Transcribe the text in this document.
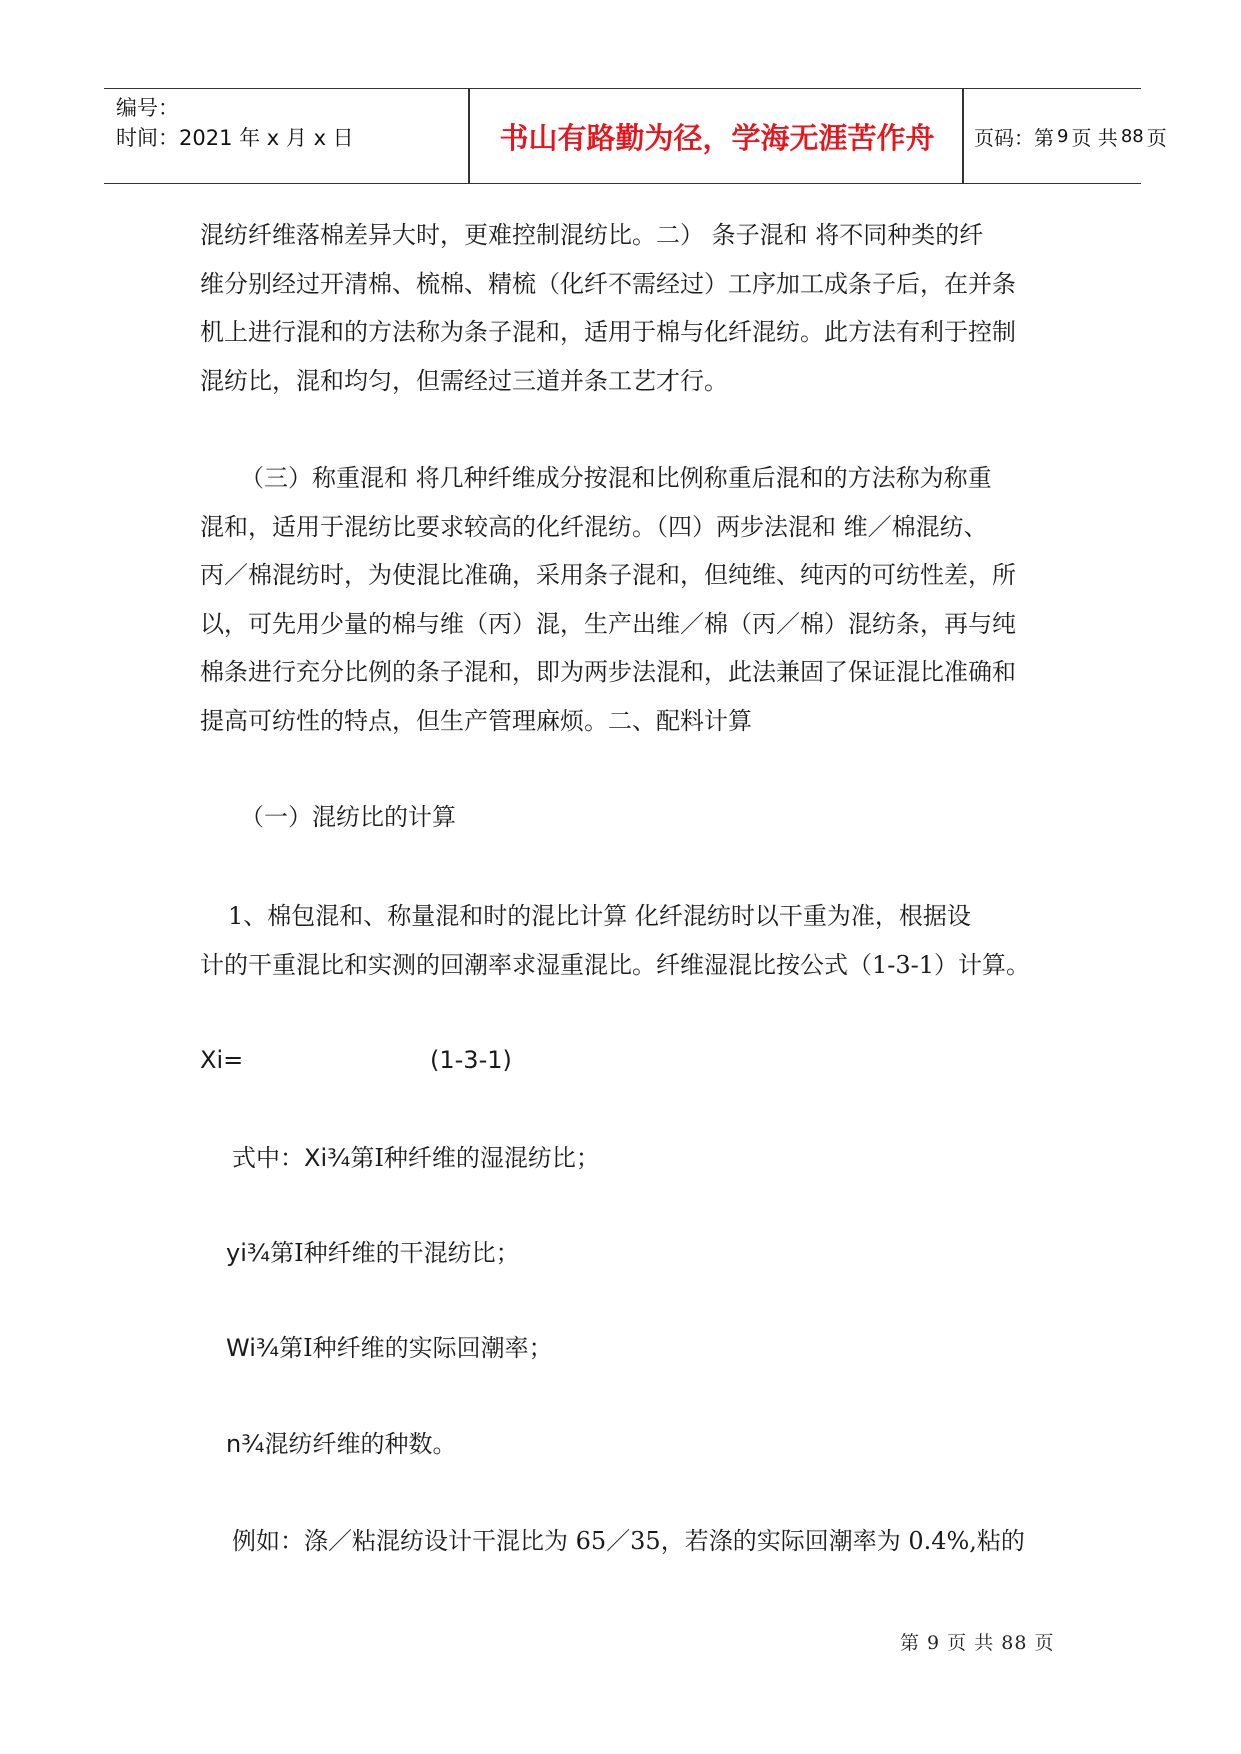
编号：
时间：2021 年 x 月 x 日	书山有路勤为径，学海无涯苦作舟	页码：第 9 页 共 88 页
混纺纤维落棉差异大时，更难控制混纺比。二） 条子混和 将不同种类的纤
维分别经过开清棉、梳棉、精梳（化纤不需经过）工序加工成条子后，在并条
机上进行混和的方法称为条子混和，适用于棉与化纤混纺。此方法有利于控制
混纺比，混和均匀，但需经过三道并条工艺才行。
（三）称重混和 将几种纤维成分按混和比例称重后混和的方法称为称重
混和，适用于混纺比要求较高的化纤混纺。（四）两步法混和 维／棉混纺、
丙／棉混纺时，为使混比准确，采用条子混和，但纯维、纯丙的可纺性差，所
以，可先用少量的棉与维（丙）混，生产出维／棉（丙／棉）混纺条，再与纯
棉条进行充分比例的条子混和，即为两步法混和，此法兼固了保证混比准确和
提高可纺性的特点，但生产管理麻烦。二、配料计算
（一）混纺比的计算
1、棉包混和、称量混和时的混比计算 化纤混纺时以干重为准，根据设
计的干重混比和实测的回潮率求湿重混比。纤维湿混比按公式（1-3-1）计算。
Xi=	(1-3-1)
式中：Xi¾第Ⅰ种纤维的湿混纺比；
yi¾第Ⅰ种纤维的干混纺比；
Wi¾第Ⅰ种纤维的实际回潮率；
n¾混纺纤维的种数。
例如：涤／粘混纺设计干混比为 65／35，若涤的实际回潮率为 0.4%,粘的
第 9 页 共 88 页
